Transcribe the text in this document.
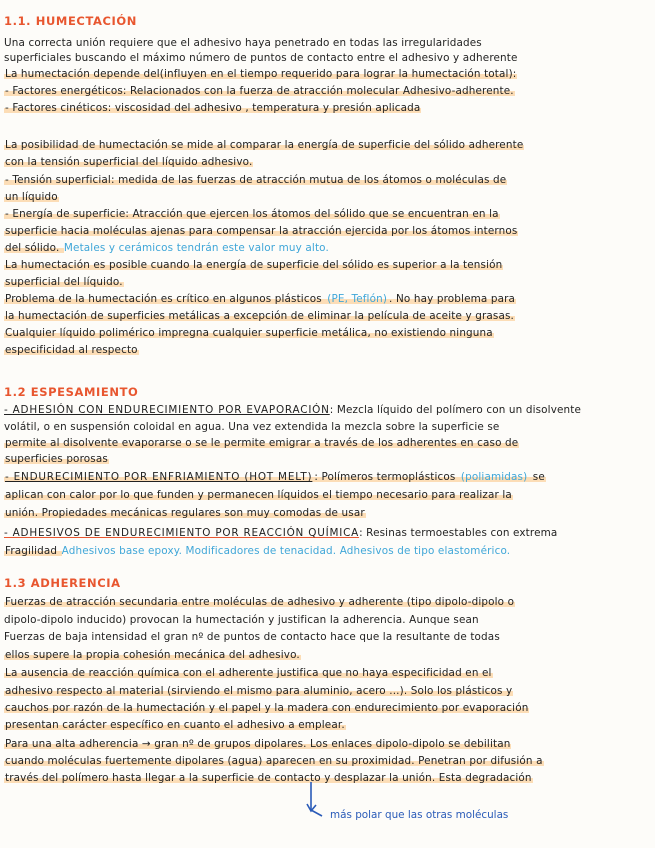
1.1. HUMECTACIÓN
Una correcta unión requiere que el adhesivo haya penetrado en todas las irregularidades
superficiales buscando el máximo número de puntos de contacto entre el adhesivo y adherente
La humectación depende del(influyen en el tiempo requerido para lograr la humectación total):
- Factores energéticos: Relacionados con la fuerza de atracción molecular Adhesivo-adherente.
- Factores cinéticos: viscosidad del adhesivo , temperatura y presión aplicada
La posibilidad de humectación se mide al comparar la energía de superficie del sólido adherente
con la tensión superficial del líquido adhesivo.
- Tensión superficial: medida de las fuerzas de atracción mutua de los átomos o moléculas de
un líquido
- Energía de superficie: Atracción que ejercen los átomos del sólido que se encuentran en la
superficie hacia moléculas ajenas para compensar la atracción ejercida por los átomos internos
del sólido. Metales y cerámicos tendrán este valor muy alto.
La humectación es posible cuando la energía de superficie del sólido es superior a la tensión
superficial del líquido.
Problema de la humectación es crítico en algunos plásticos (PE, Teflón) . No hay problema para
la humectación de superficies metálicas a excepción de eliminar la película de aceite y grasas.
Cualquier líquido polimérico impregna cualquier superficie metálica, no existiendo ninguna
especificidad al respecto
1.2 ESPESAMIENTO
- ADHESIÓN CON ENDURECIMIENTO POR EVAPORACIÓN: Mezcla líquido del polímero con un disolvente
volátil, o en suspensión coloidal en agua. Una vez extendida la mezcla sobre la superficie se
permite al disolvente evaporarse o se le permite emigrar a través de los adherentes en caso de
superficies porosas
- ENDURECIMIENTO POR ENFRIAMIENTO (HOT MELT) : Polímeros termoplásticos (poliamidas) se
aplican con calor por lo que funden y permanecen líquidos el tiempo necesario para realizar la
unión. Propiedades mecánicas regulares son muy comodas de usar
- ADHESIVOS DE ENDURECIMIENTO POR REACCIÓN QUÍMICA: Resinas termoestables con extrema
Fragilidad Adhesivos base epoxy. Modificadores de tenacidad. Adhesivos de tipo elastomérico.
1.3 ADHERENCIA
Fuerzas de atracción secundaria entre moléculas de adhesivo y adherente (tipo dipolo-dipolo o
dipolo-dipolo inducido) provocan la humectación y justifican la adherencia. Aunque sean
Fuerzas de baja intensidad el gran nº de puntos de contacto hace que la resultante de todas
ellos supere la propia cohesión mecánica del adhesivo.
La ausencia de reacción química con el adherente justifica que no haya especificidad en el
adhesivo respecto al material (sirviendo el mismo para aluminio, acero ...). Solo los plásticos y
cauchos por razón de la humectación y el papel y la madera con endurecimiento por evaporación
presentan carácter específico en cuanto el adhesivo a emplear.
Para una alta adherencia → gran nº de grupos dipolares. Los enlaces dipolo-dipolo se debilitan
cuando moléculas fuertemente dipolares (agua) aparecen en su proximidad. Penetran por difusión a
través del polímero hasta llegar a la superficie de contacto y desplazar la unión. Esta degradación
más polar que las otras moléculas
